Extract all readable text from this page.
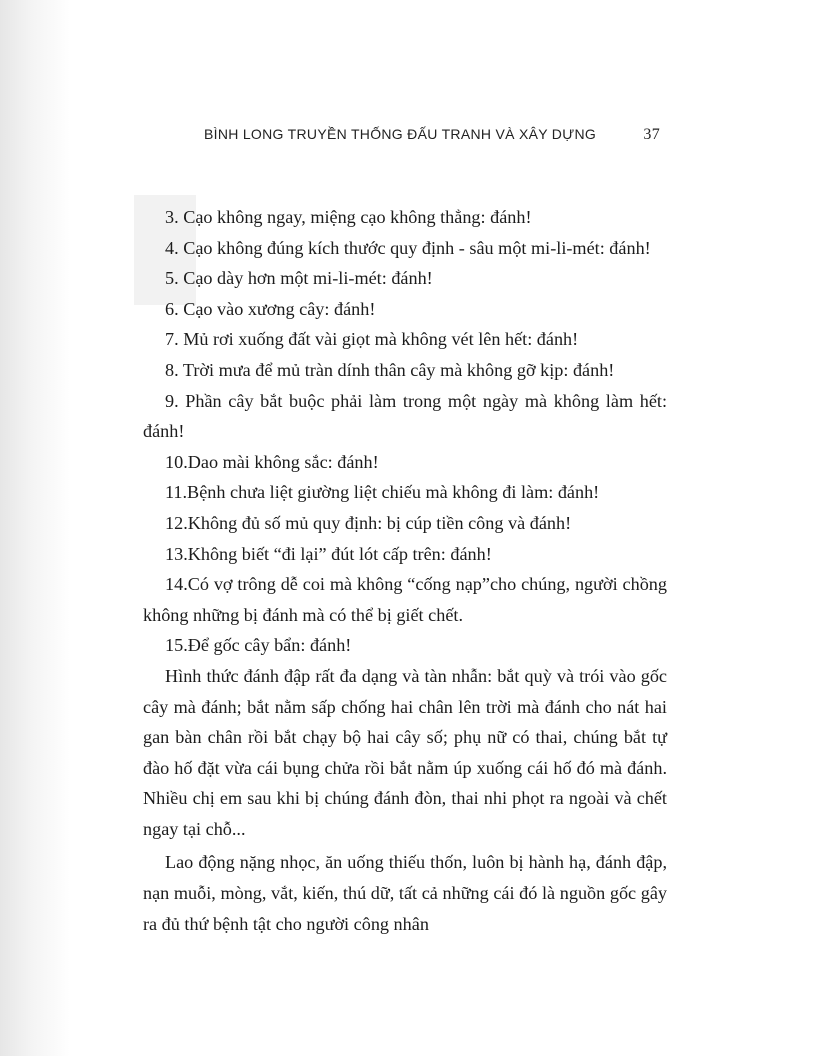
BÌNH LONG TRUYỀN THỐNG ĐẤU TRANH VÀ XÂY DỰNG	37

3. Cạo không ngay, miệng cạo không thẳng: đánh!

4. Cạo không đúng kích thước quy định - sâu một mi-li-mét: đánh!

5. Cạo dày hơn một mi-li-mét: đánh!

6. Cạo vào xương cây: đánh!

7. Mủ rơi xuống đất vài giọt mà không vét lên hết: đánh!

8. Trời mưa để mủ tràn dính thân cây mà không gỡ kịp: đánh!

9. Phần cây bắt buộc phải làm trong một ngày mà không làm hết: đánh!

10.Dao mài không sắc: đánh!

11.Bệnh chưa liệt giường liệt chiếu mà không đi làm: đánh!

12.Không đủ số mủ quy định: bị cúp tiền công và đánh!

13.Không biết “đi lại” đút lót cấp trên: đánh!

14.Có vợ trông dễ coi mà không “cống nạp”cho chúng, người chồng không những bị đánh mà có thể bị giết chết.

15.Để gốc cây bẩn: đánh!

Hình thức đánh đập rất đa dạng và tàn nhẫn: bắt quỳ và trói vào gốc cây mà đánh; bắt nằm sấp chống hai chân lên trời mà đánh cho nát hai gan bàn chân rồi bắt chạy bộ hai cây số; phụ nữ có thai, chúng bắt tự đào hố đặt vừa cái bụng chửa rồi bắt nằm úp xuống cái hố đó mà đánh. Nhiều chị em sau khi bị chúng đánh đòn, thai nhi phọt ra ngoài và chết ngay tại chỗ...

Lao động nặng nhọc, ăn uống thiếu thốn, luôn bị hành hạ, đánh đập, nạn muỗi, mòng, vắt, kiến, thú dữ, tất cả những cái đó là nguồn gốc gây ra đủ thứ bệnh tật cho người công nhân
